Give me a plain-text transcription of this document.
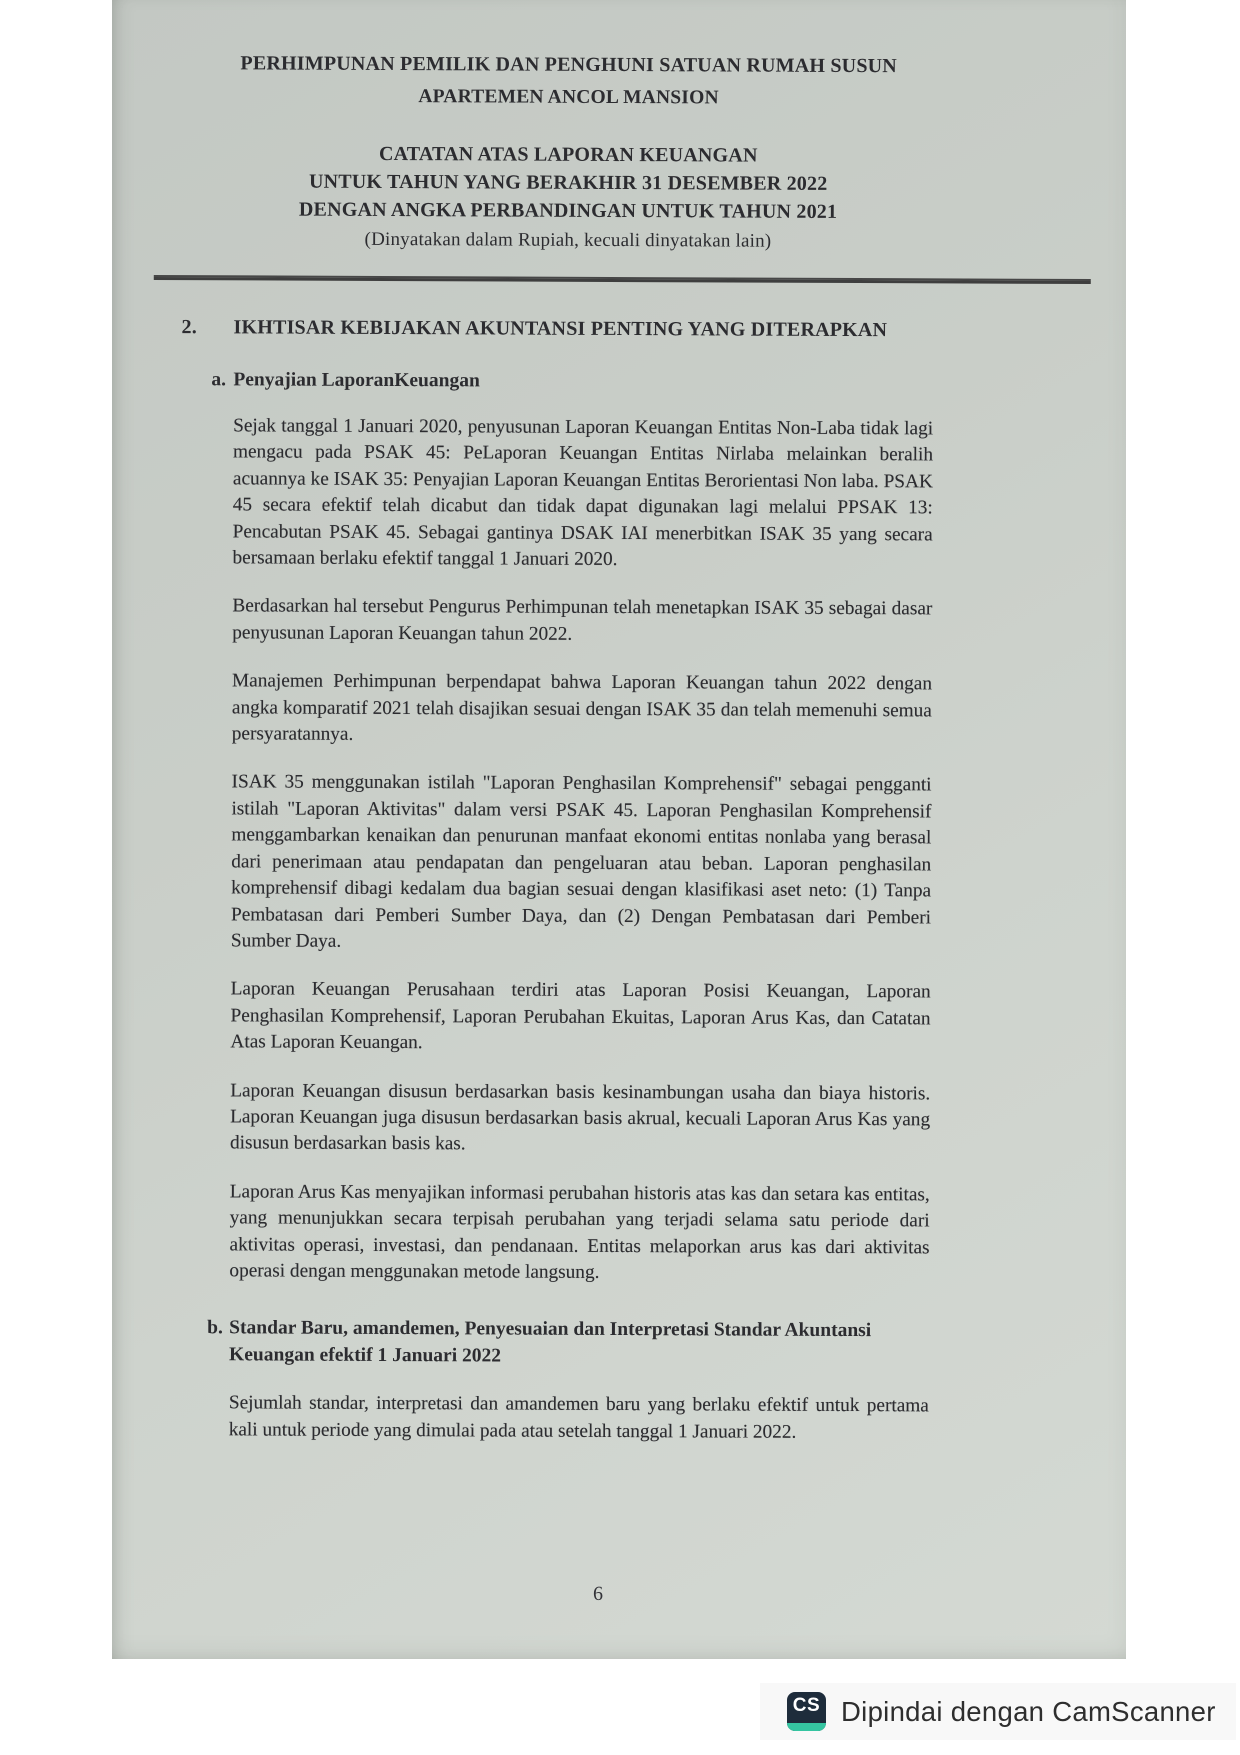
PERHIMPUNAN PEMILIK DAN PENGHUNI SATUAN RUMAH SUSUN
APARTEMEN ANCOL MANSION
CATATAN ATAS LAPORAN KEUANGAN
UNTUK TAHUN YANG BERAKHIR 31 DESEMBER 2022
DENGAN ANGKA PERBANDINGAN UNTUK TAHUN 2021
(Dinyatakan dalam Rupiah, kecuali dinyatakan lain)
2.	IKHTISAR KEBIJAKAN AKUNTANSI PENTING YANG DITERAPKAN
a. Penyajian LaporanKeuangan

Sejak tanggal 1 Januari 2020, penyusunan Laporan Keuangan Entitas Non-Laba tidak lagi mengacu pada PSAK 45: PeLaporan Keuangan Entitas Nirlaba melainkan beralih acuannya ke ISAK 35: Penyajian Laporan Keuangan Entitas Berorientasi Non laba. PSAK 45 secara efektif telah dicabut dan tidak dapat digunakan lagi melalui PPSAK 13: Pencabutan PSAK 45. Sebagai gantinya DSAK IAI menerbitkan ISAK 35 yang secara bersamaan berlaku efektif tanggal 1 Januari 2020.

Berdasarkan hal tersebut Pengurus Perhimpunan telah menetapkan ISAK 35 sebagai dasar penyusunan Laporan Keuangan tahun 2022.

Manajemen Perhimpunan berpendapat bahwa Laporan Keuangan tahun 2022 dengan angka komparatif 2021 telah disajikan sesuai dengan ISAK 35 dan telah memenuhi semua persyaratannya.

ISAK 35 menggunakan istilah "Laporan Penghasilan Komprehensif" sebagai pengganti istilah "Laporan Aktivitas" dalam versi PSAK 45. Laporan Penghasilan Komprehensif menggambarkan kenaikan dan penurunan manfaat ekonomi entitas nonlaba yang berasal dari penerimaan atau pendapatan dan pengeluaran atau beban. Laporan penghasilan komprehensif dibagi kedalam dua bagian sesuai dengan klasifikasi aset neto: (1) Tanpa Pembatasan dari Pemberi Sumber Daya, dan (2) Dengan Pembatasan dari Pemberi Sumber Daya.

Laporan Keuangan Perusahaan terdiri atas Laporan Posisi Keuangan, Laporan Penghasilan Komprehensif, Laporan Perubahan Ekuitas, Laporan Arus Kas, dan Catatan Atas Laporan Keuangan.

Laporan Keuangan disusun berdasarkan basis kesinambungan usaha dan biaya historis. Laporan Keuangan juga disusun berdasarkan basis akrual, kecuali Laporan Arus Kas yang disusun berdasarkan basis kas.

Laporan Arus Kas menyajikan informasi perubahan historis atas kas dan setara kas entitas, yang menunjukkan secara terpisah perubahan yang terjadi selama satu periode dari aktivitas operasi, investasi, dan pendanaan. Entitas melaporkan arus kas dari aktivitas operasi dengan menggunakan metode langsung.

b. Standar Baru, amandemen, Penyesuaian dan Interpretasi Standar Akuntansi Keuangan efektif 1 Januari 2022

Sejumlah standar, interpretasi dan amandemen baru yang berlaku efektif untuk pertama kali untuk periode yang dimulai pada atau setelah tanggal 1 Januari 2022.

6
CS Dipindai dengan CamScanner
